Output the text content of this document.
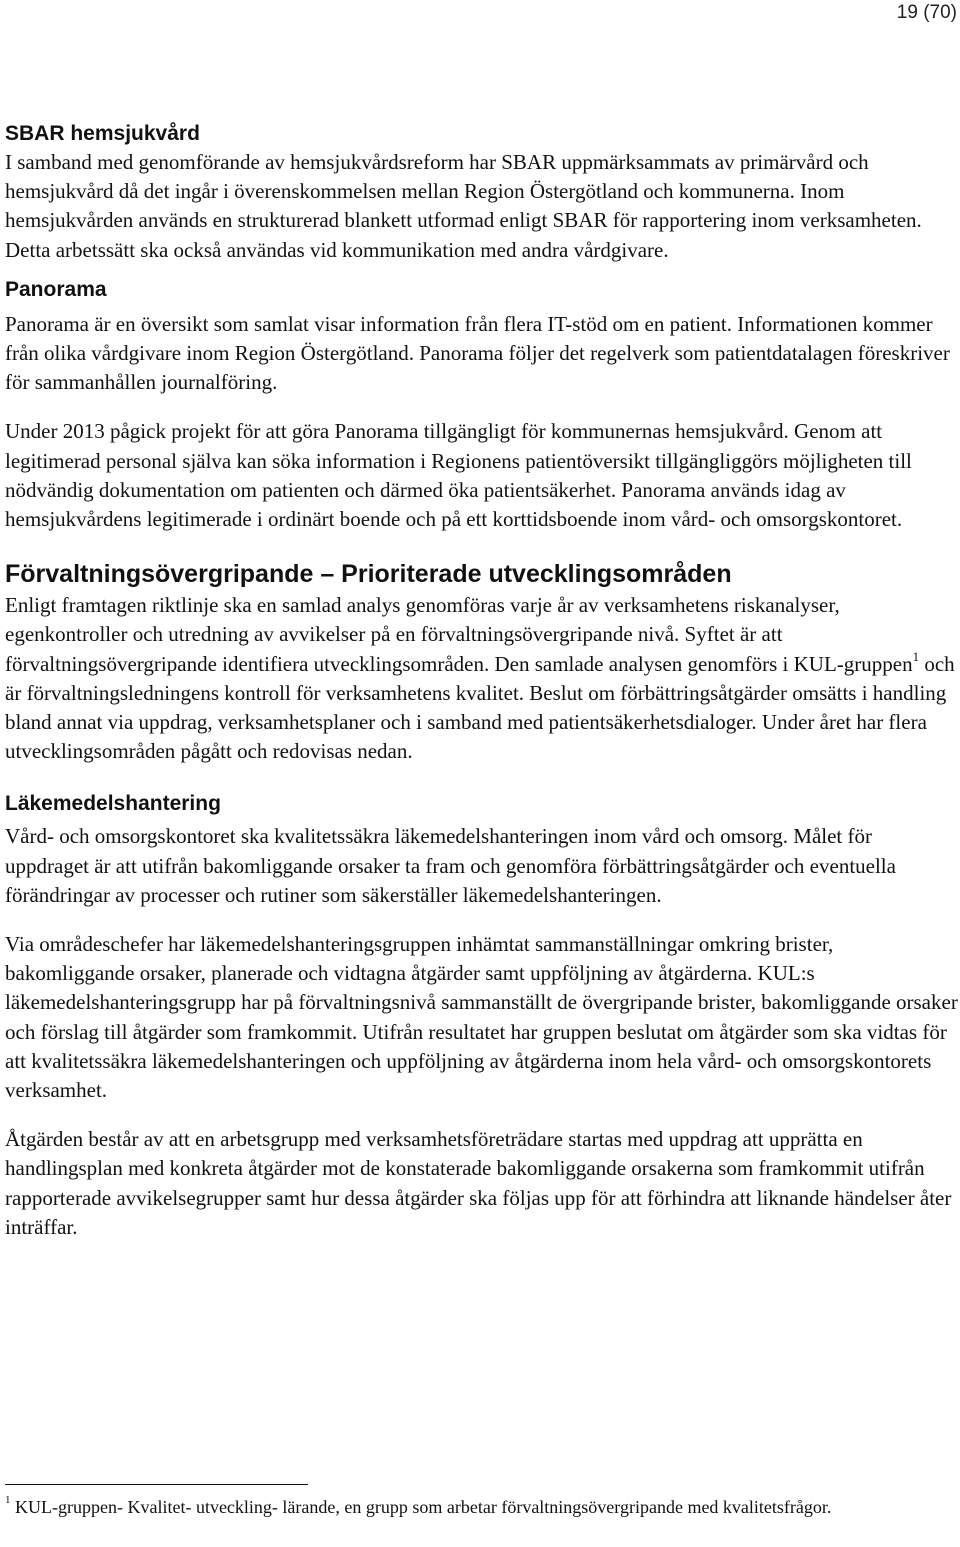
19 (70)
SBAR hemsjukvård

I samband med genomförande av hemsjukvårdsreform har SBAR uppmärksammats av primärvård och hemsjukvård då det ingår i överenskommelsen mellan Region Östergötland och kommunerna. Inom hemsjukvården används en strukturerad blankett utformad enligt SBAR för rapportering inom verksamheten. Detta arbetssätt ska också användas vid kommunikation med andra vårdgivare.

Panorama

Panorama är en översikt som samlat visar information från flera IT-stöd om en patient. Informationen kommer från olika vårdgivare inom Region Östergötland. Panorama följer det regelverk som patientdatalagen föreskriver för sammanhållen journalföring.

Under 2013 pågick projekt för att göra Panorama tillgängligt för kommunernas hemsjukvård. Genom att legitimerad personal själva kan söka information i Regionens patientöversikt tillgängliggörs möjligheten till nödvändig dokumentation om patienten och därmed öka patientsäkerhet. Panorama används idag av hemsjukvårdens legitimerade i ordinärt boende och på ett korttidsboende inom vård- och omsorgskontoret.

Förvaltningsövergripande – Prioriterade utvecklingsområden

Enligt framtagen riktlinje ska en samlad analys genomföras varje år av verksamhetens riskanalyser, egenkontroller och utredning av avvikelser på en förvaltningsövergripande nivå. Syftet är att förvaltningsövergripande identifiera utvecklingsområden. Den samlade analysen genomförs i KUL-gruppen$^1$ och är förvaltningsledningens kontroll för verksamhetens kvalitet. Beslut om förbättringsåtgärder omsätts i handling bland annat via uppdrag, verksamhetsplaner och i samband med patientsäkerhetsdialoger. Under året har flera utvecklingsområden pågått och redovisas nedan.

Läkemedelshantering

Vård- och omsorgskontoret ska kvalitetssäkra läkemedelshanteringen inom vård och omsorg. Målet för uppdraget är att utifrån bakomliggande orsaker ta fram och genomföra förbättringsåtgärder och eventuella förändringar av processer och rutiner som säkerställer läkemedelshanteringen.

Via områdeschefer har läkemedelshanteringsgruppen inhämtat sammanställningar omkring brister, bakomliggande orsaker, planerade och vidtagna åtgärder samt uppföljning av åtgärderna. KUL:s läkemedelshanteringsgrupp har på förvaltningsnivå sammanställt de övergripande brister, bakomliggande orsaker och förslag till åtgärder som framkommit. Utifrån resultatet har gruppen beslutat om åtgärder som ska vidtas för att kvalitetssäkra läkemedelshanteringen och uppföljning av åtgärderna inom hela vård- och omsorgskontorets verksamhet.

Åtgärden består av att en arbetsgrupp med verksamhetsföreträdare startas med uppdrag att upprätta en handlingsplan med konkreta åtgärder mot de konstaterade bakomliggande orsakerna som framkommit utifrån rapporterade avvikelsegrupper samt hur dessa åtgärder ska följas upp för att förhindra att liknande händelser åter inträffar.

$^1$ KUL-gruppen- Kvalitet- utveckling- lärande, en grupp som arbetar förvaltningsövergripande med kvalitetsfrågor.
